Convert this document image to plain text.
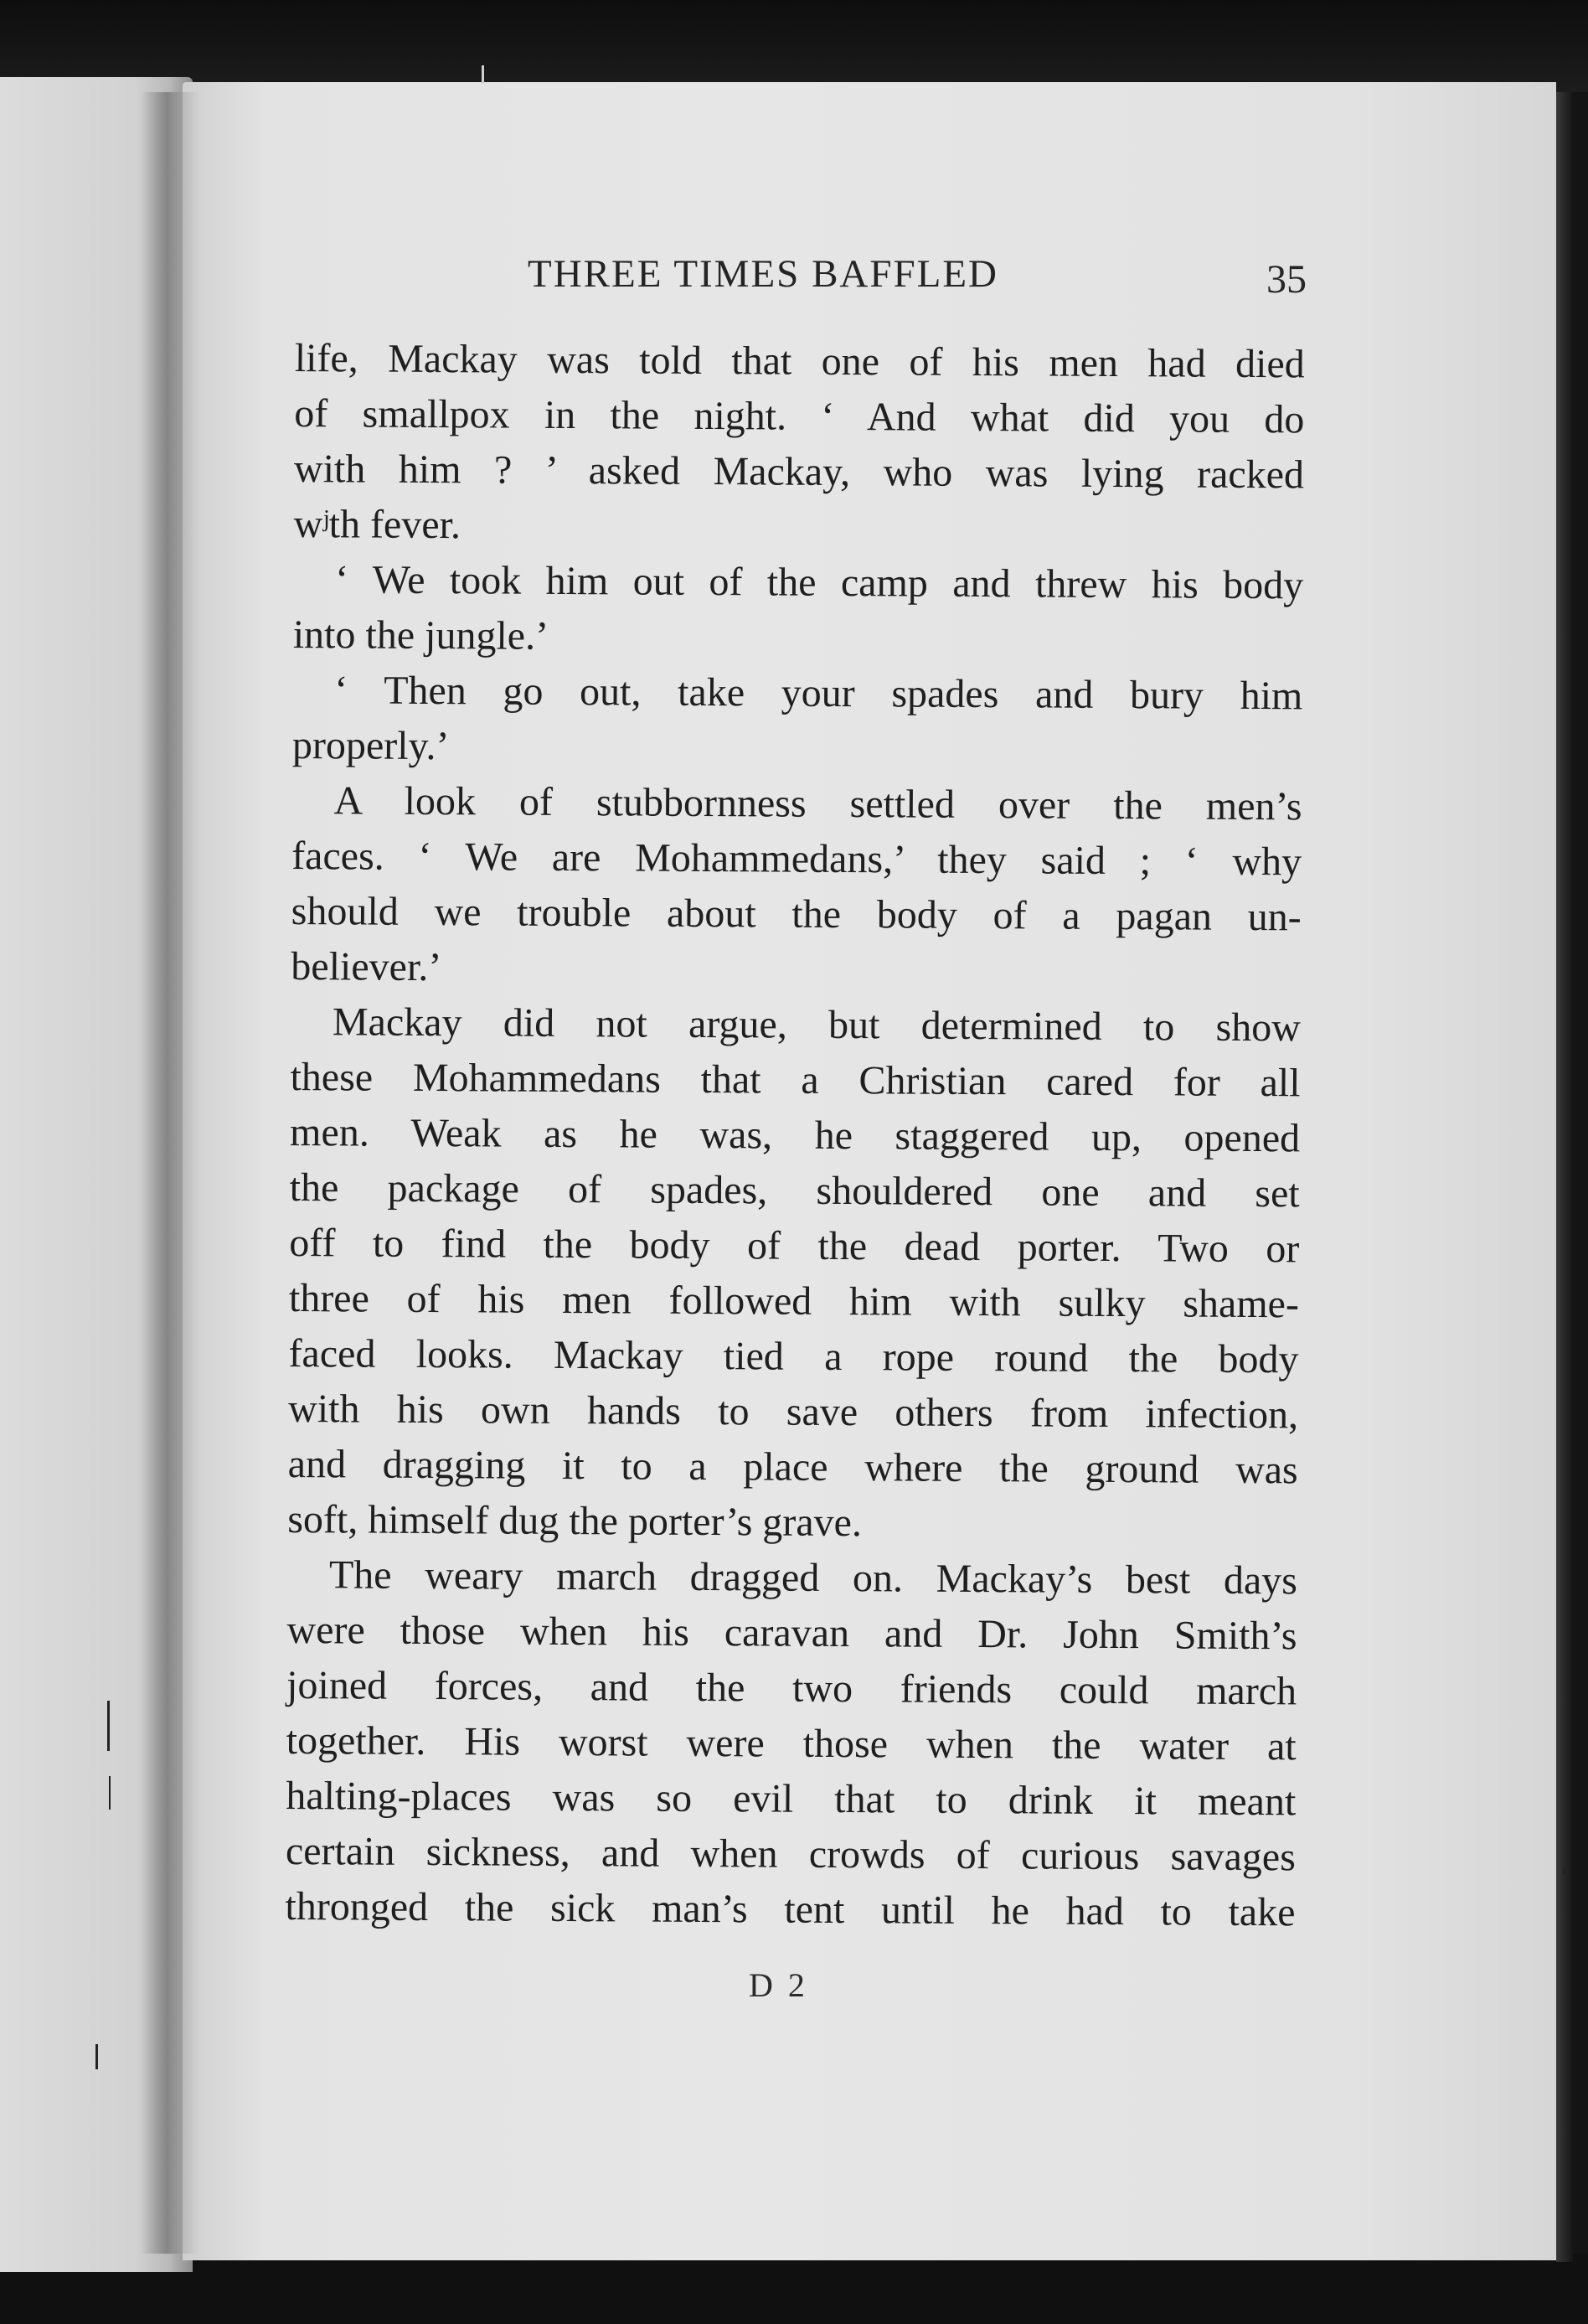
THREE TIMES BAFFLED	35
life, Mackay was told that one of his men had died
of smallpox in the night. ‘ And what did you do
with him ? ’ asked Mackay, who was lying racked
wʲth fever.
‘ We took him out of the camp and threw his body
into the jungle.’
‘ Then go out, take your spades and bury him
properly.’
A look of stubbornness settled over the men’s
faces. ‘ We are Mohammedans,’ they said ; ‘ why
should we trouble about the body of a pagan un-
believer.’
Mackay did not argue, but determined to show
these Mohammedans that a Christian cared for all
men. Weak as he was, he staggered up, opened
the package of spades, shouldered one and set
off to find the body of the dead porter. Two or
three of his men followed him with sulky shame-
faced looks. Mackay tied a rope round the body
with his own hands to save others from infection,
and dragging it to a place where the ground was
soft, himself dug the porter’s grave.
The weary march dragged on. Mackay’s best days
were those when his caravan and Dr. John Smith’s
joined forces, and the two friends could march
together. His worst were those when the water at
halting-places was so evil that to drink it meant
certain sickness, and when crowds of curious savages
thronged the sick man’s tent until he had to take
D 2
